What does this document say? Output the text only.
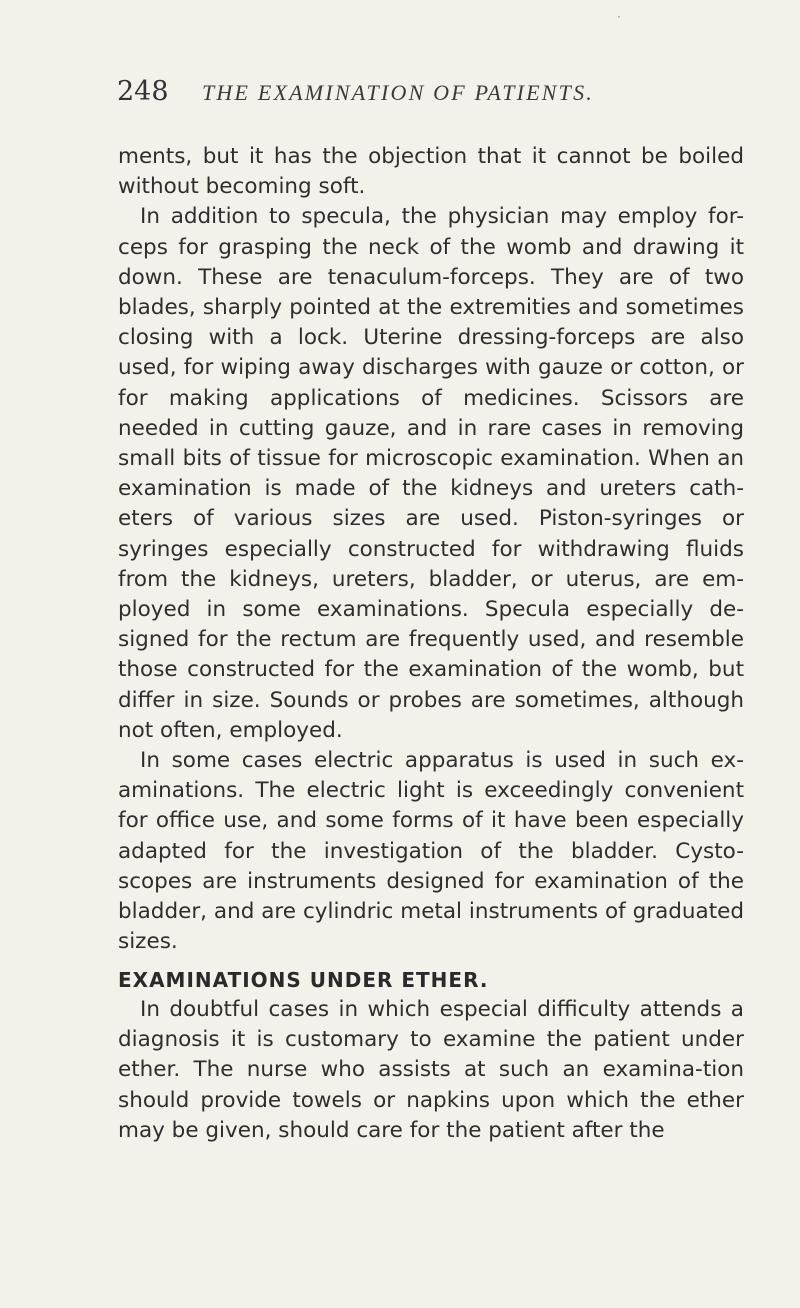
·
248 THE EXAMINATION OF PATIENTS.

ments, but it has the objection that it cannot be boiled without becoming soft.

In addition to specula, the physician may employ for-ceps for grasping the neck of the womb and drawing it down. These are tenaculum-forceps. They are of two blades, sharply pointed at the extremities and sometimes closing with a lock. Uterine dressing-forceps are also used, for wiping away discharges with gauze or cotton, or for making applications of medicines. Scissors are needed in cutting gauze, and in rare cases in removing small bits of tissue for microscopic examination. When an examination is made of the kidneys and ureters cath-eters of various sizes are used. Piston-syringes or syringes especially constructed for withdrawing fluids from the kidneys, ureters, bladder, or uterus, are em-ployed in some examinations. Specula especially de-signed for the rectum are frequently used, and resemble those constructed for the examination of the womb, but differ in size. Sounds or probes are sometimes, although not often, employed.

In some cases electric apparatus is used in such ex-aminations. The electric light is exceedingly convenient for office use, and some forms of it have been especially adapted for the investigation of the bladder. Cysto-scopes are instruments designed for examination of the bladder, and are cylindric metal instruments of graduated sizes.

EXAMINATIONS UNDER ETHER.

In doubtful cases in which especial difficulty attends a diagnosis it is customary to examine the patient under ether. The nurse who assists at such an examina-tion should provide towels or napkins upon which the ether may be given, should care for the patient after the
